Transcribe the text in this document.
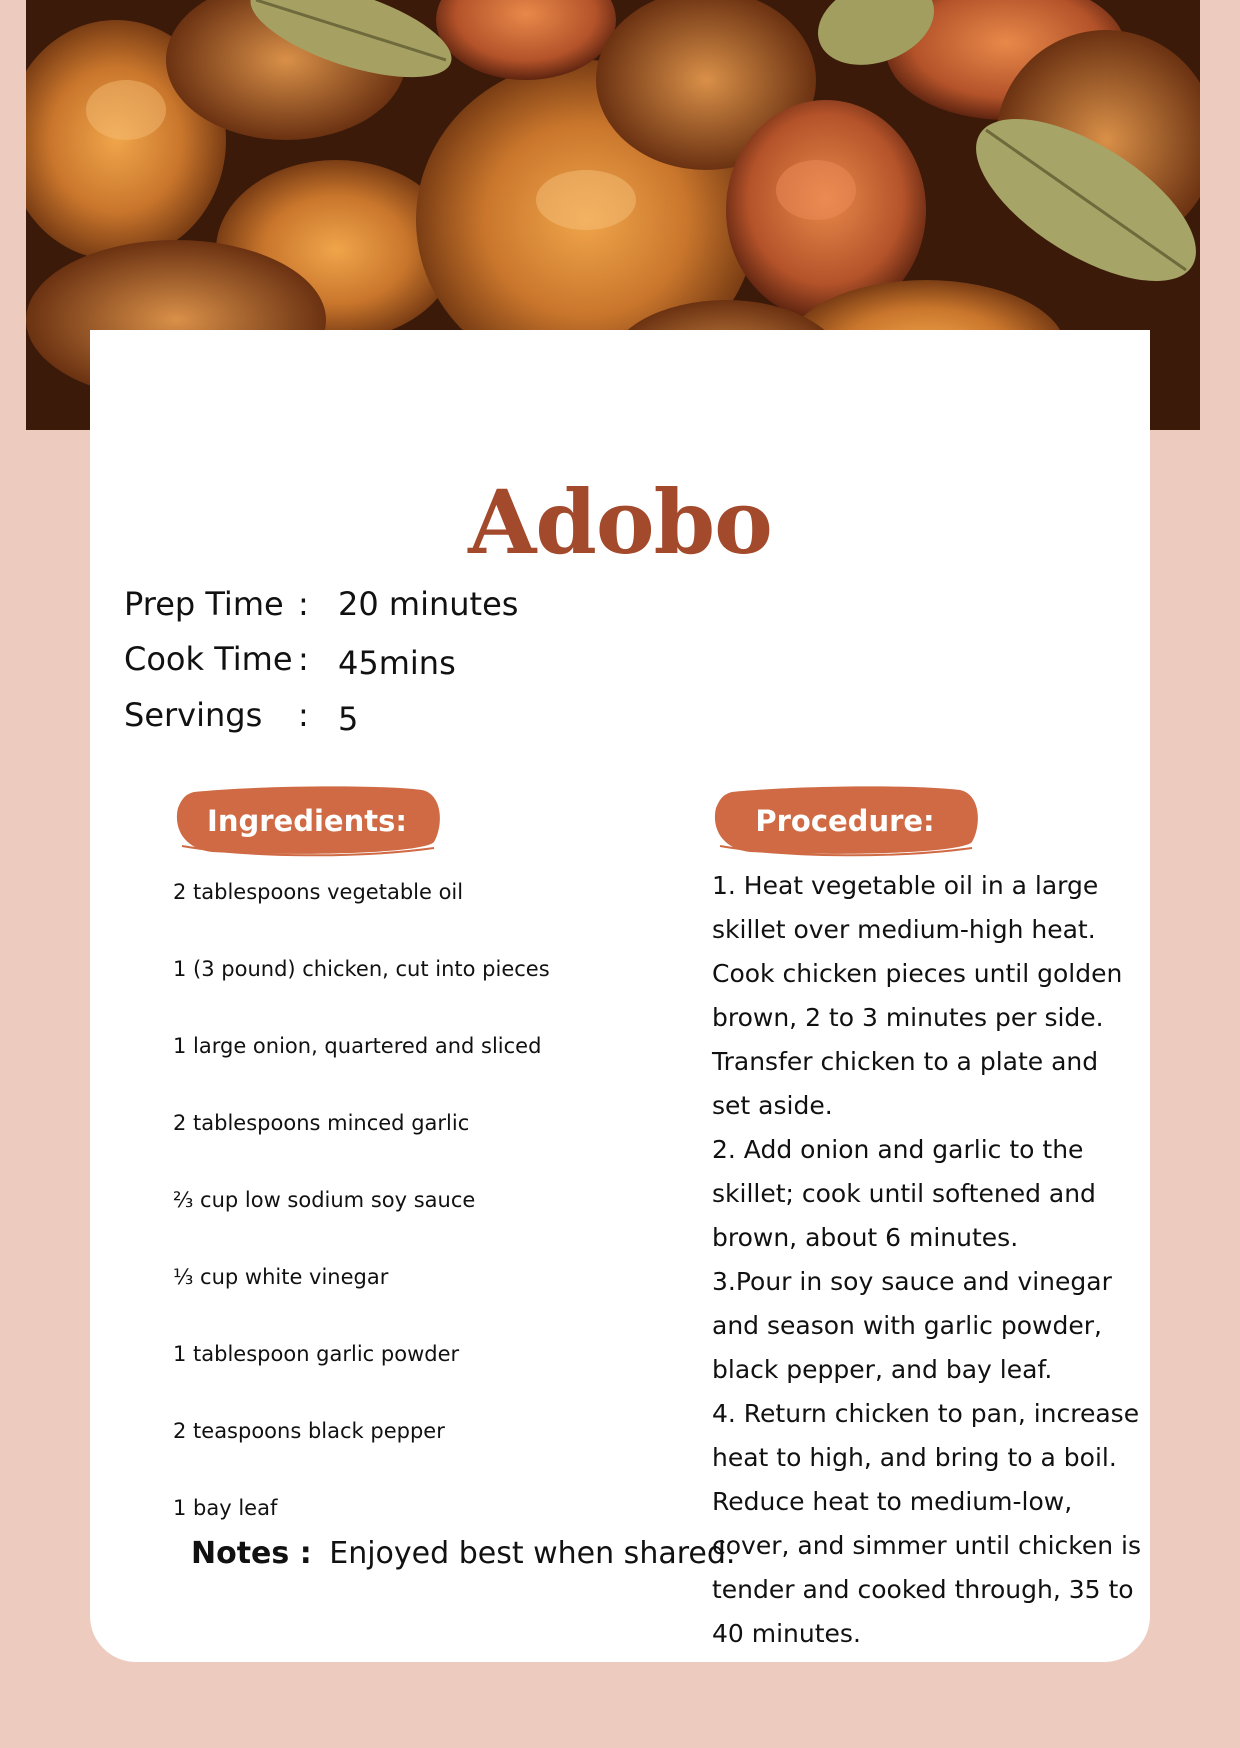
Adobo
Prep Time : 20 minutes
Cook Time : 45mins
Servings : 5
Ingredients:	Procedure:
2 tablespoons vegetable oil
1 (3 pound) chicken, cut into pieces
1 large onion, quartered and sliced
2 tablespoons minced garlic
⅔ cup low sodium soy sauce
⅓ cup white vinegar
1 tablespoon garlic powder
2 teaspoons black pepper
1 bay leaf
Notes : Enjoyed best when shared.

1. Heat vegetable oil in a large skillet over medium-high heat. Cook chicken pieces until golden brown, 2 to 3 minutes per side. Transfer chicken to a plate and set aside.

2. Add onion and garlic to the skillet; cook until softened and brown, about 6 minutes.

3.Pour in soy sauce and vinegar and season with garlic powder, black pepper, and bay leaf.

4. Return chicken to pan, increase heat to high, and bring to a boil. Reduce heat to medium-low, cover, and simmer until chicken is tender and cooked through, 35 to 40 minutes.
